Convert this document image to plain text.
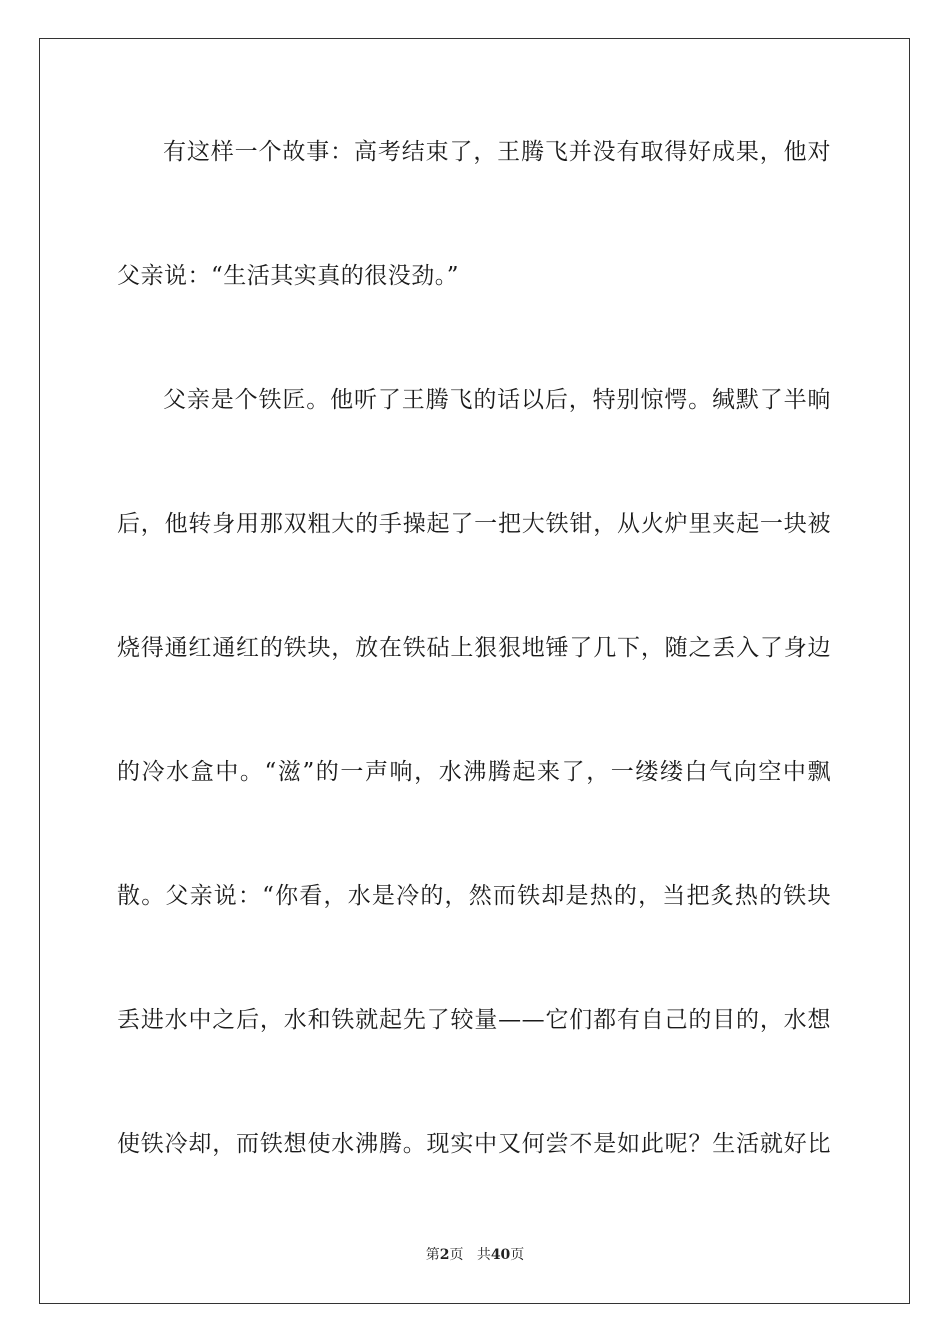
有这样一个故事：高考结束了，王腾飞并没有取得好成果，他对
父亲说：“生活其实真的很没劲。”
父亲是个铁匠。他听了王腾飞的话以后，特别惊愕。缄默了半晌
后，他转身用那双粗大的手操起了一把大铁钳，从火炉里夹起一块被
烧得通红通红的铁块，放在铁砧上狠狠地锤了几下，随之丢入了身边
的冷水盒中。“滋”的一声响，水沸腾起来了，一缕缕白气向空中飘
散。父亲说：“你看，水是冷的，然而铁却是热的，当把炙热的铁块
丢进水中之后，水和铁就起先了较量——它们都有自己的目的，水想
使铁冷却，而铁想使水沸腾。现实中又何尝不是如此呢？生活就好比
第2页 共40页
